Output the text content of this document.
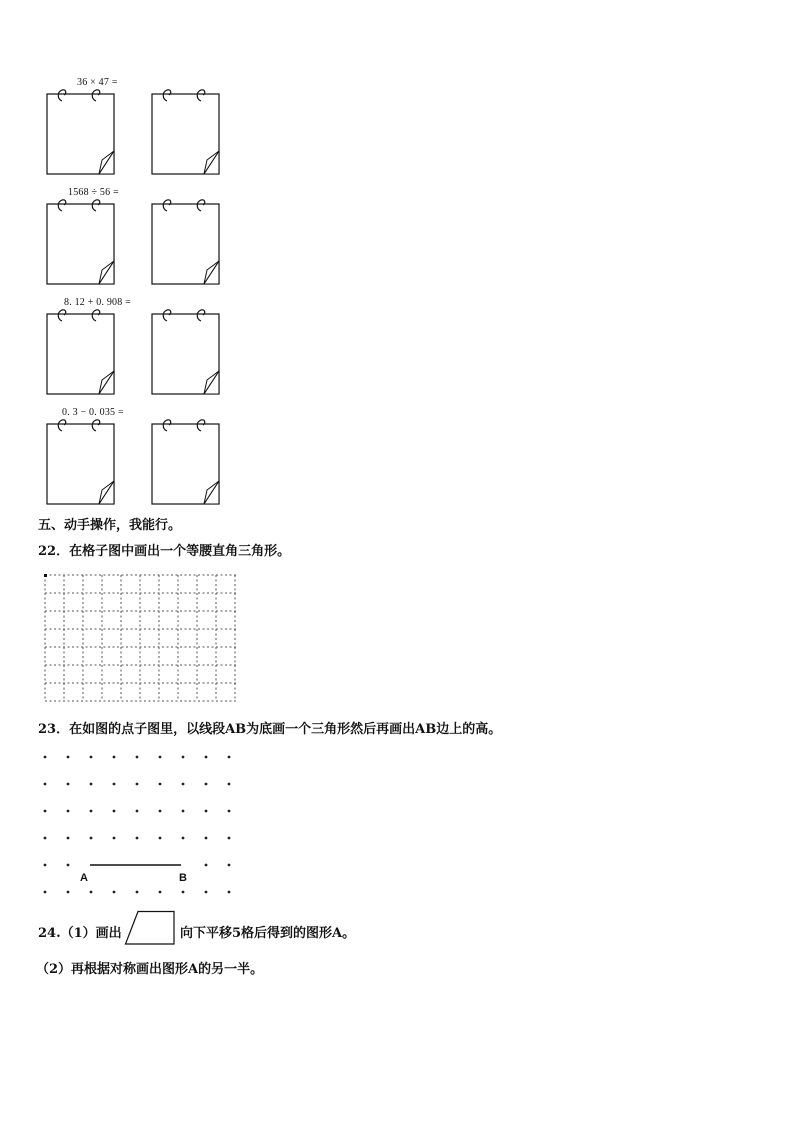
36 × 47 =
1568 ÷ 56 =
8. 12 + 0. 908 =
0. 3 − 0. 035 =
五、动手操作，我能行。
22．在格子图中画出一个等腰直角三角形。
23．在如图的点子图里，以线段AB为底画一个三角形然后再画出AB边上的高。
A	B
24.（1）画出	向下平移5格后得到的图形A。
（2）再根据对称画出图形A的另一半。
